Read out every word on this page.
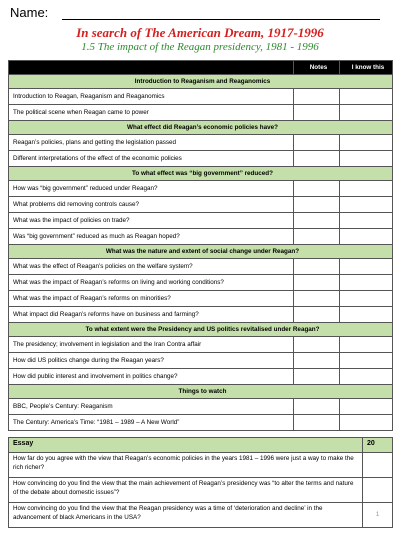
Name:
In search of The American Dream, 1917-1996
1.5 The impact of the Reagan presidency, 1981 - 1996
	Notes	I know this
Introduction to Reaganism and Reaganomics		
Introduction to Reagan, Reaganism and Reaganomics		
The political scene when Reagan came to power		
What effect did Reagan’s economic policies have?		
Reagan’s policies, plans and getting the legislation passed		
Different interpretations of the effect of the economic policies		
To what effect was “big government” reduced?		
How was “big government” reduced under Reagan?		
What problems did removing controls cause?		
What was the impact of policies on trade?		
Was “big government” reduced as much as Reagan hoped?		
What was the nature and extent of social change under Reagan?		
What was the effect of Reagan’s policies on the welfare system?		
What was the impact of Reagan’s reforms on living and working conditions?		
What was the impact of Reagan’s reforms on minorities?		
What impact did Reagan’s reforms have on business and farming?		
To what extent were the Presidency and US politics revitalised under Reagan?		
The presidency; involvement in legislation and the Iran Contra affair		
How did US politics change during the Reagan years?		
How did public interest and involvement in politics change?		
Things to watch		
BBC, People’s Century: Reaganism		
The Century: America’s Time: “1981 – 1989 – A New World”		
Essay	20
How far do you agree with the view that Reagan’s economic policies in the years 1981 – 1996 were just a way to make the rich richer?	
How convincing do you find the view that the main achievement of Reagan’s presidency was “to alter the terms and nature of the debate about domestic issues”?	
How convincing do you find the view that the Reagan presidency was a time of ‘deterioration and decline’ in the advancement of black Americans in the USA?	1
